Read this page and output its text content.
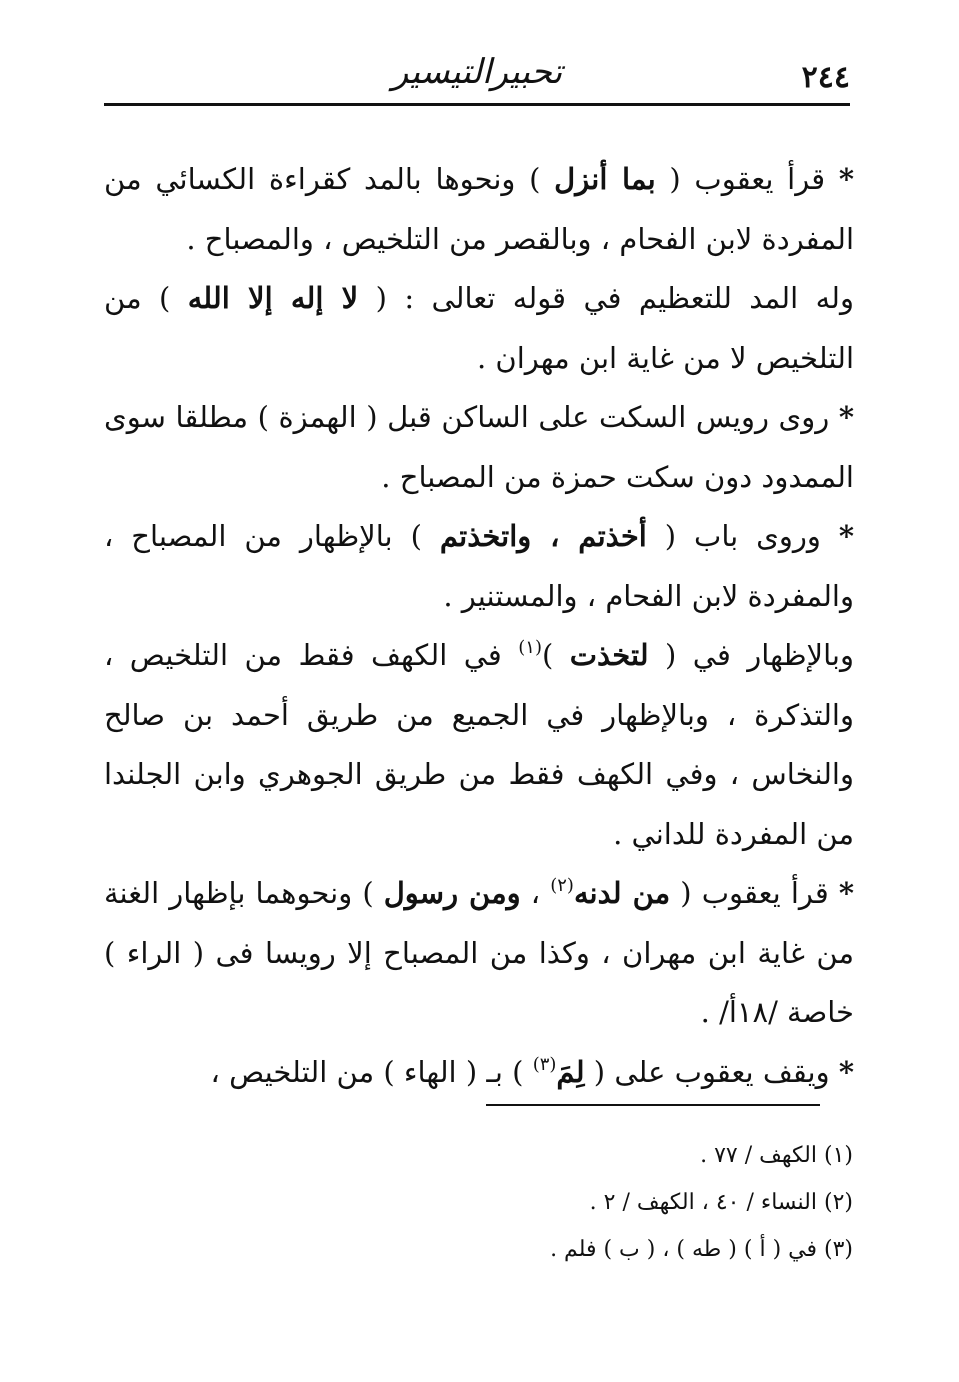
تحبيرالتيسير	٢٤٤

* قرأ يعقوب ( بما أنزل ) ونحوها بالمد كقراءة الكسائي من المفردة لابن الفحام ، وبالقصر من التلخيص ، والمصباح .

وله المد للتعظيم في قوله تعالى : ( لا إله إلا الله ) من التلخيص لا من غاية ابن مهران .

* روى رويس السكت على الساكن قبل ( الهمزة ) مطلقا سوى الممدود دون سكت حمزة من المصباح .

* وروى باب ( أخذتم ، واتخذتم ) بالإظهار من المصباح ، والمفردة لابن الفحام ، والمستنير .

وبالإظهار في ( لتخذت )$^{(١)}$ في الكهف فقط من التلخيص ، والتذكرة ، وبالإظهار في الجميع من طريق أحمد بن صالح والنخاس ، وفي الكهف فقط من طريق الجوهري وابن الجلندا من المفردة للداني .

* قرأ يعقوب ( من لدنه$^{(٢)}$ ، ومن رسول ) ونحوهما بإظهار الغنة من غاية ابن مهران ، وكذا من المصباح إلا رويسا فى ( الراء ) خاصة /١٨أ/ .

* ويقف يعقوب على ( لِمَ$^{(٣)}$ ) بـ ( الهاء ) من التلخيص ،

(١) الكهف / ٧٧ .
(٢) النساء / ٤٠ ، الكهف / ٢ .
(٣) في ( أ ) ( طه ) ، ( ب ) فلم .
